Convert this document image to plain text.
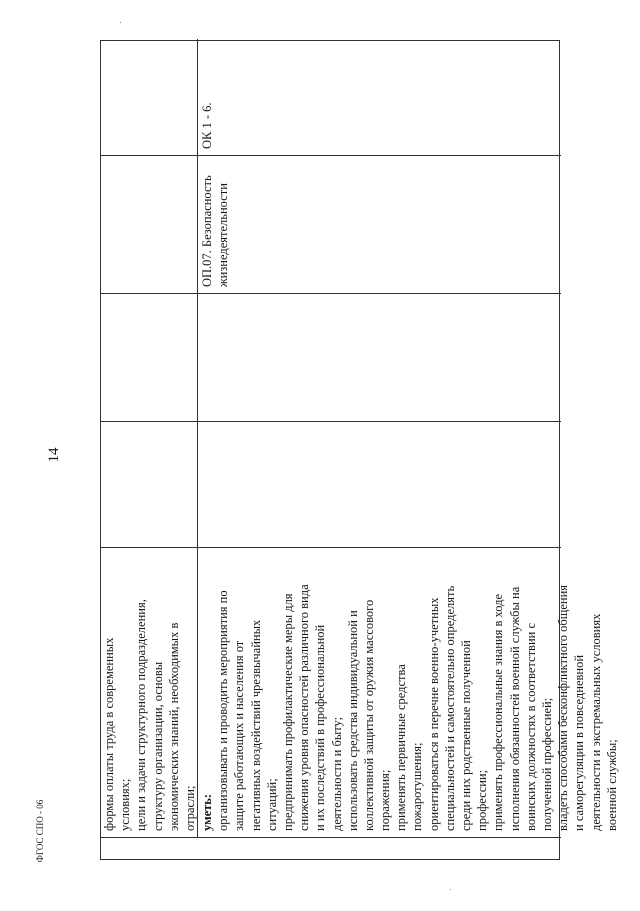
14
ФГОС СПО - 06
формы оплаты труда в современных условиях; цели и задачи структурного подразделения, структуру организации, основы экономических знаний, необходимых в отрасли; уметь: организовывать и проводить мероприятия по защите работающих и населения от негативных воздействий чрезвычайных ситуаций; предпринимать профилактические меры для снижения уровня опасностей различного вида и их последствий в профессиональной деятельности и быту; использовать средства индивидуальной и коллективной защиты от оружия массового поражения; применять первичные средства пожаротушения; ориентироваться в перечне военно-учетных специальностей и самостоятельно определять среди них родственные полученной профессии; применять профессиональные знания в ходе исполнения обязанностей военной службы на воинских должностях в соответствии с полученной профессией; владеть способами бесконфликтного общения и саморегуляции в повседневной деятельности и экстремальных условиях военной службы;
ОП.07. Безопасность жизнедеятельности
ОК 1 - 6.
